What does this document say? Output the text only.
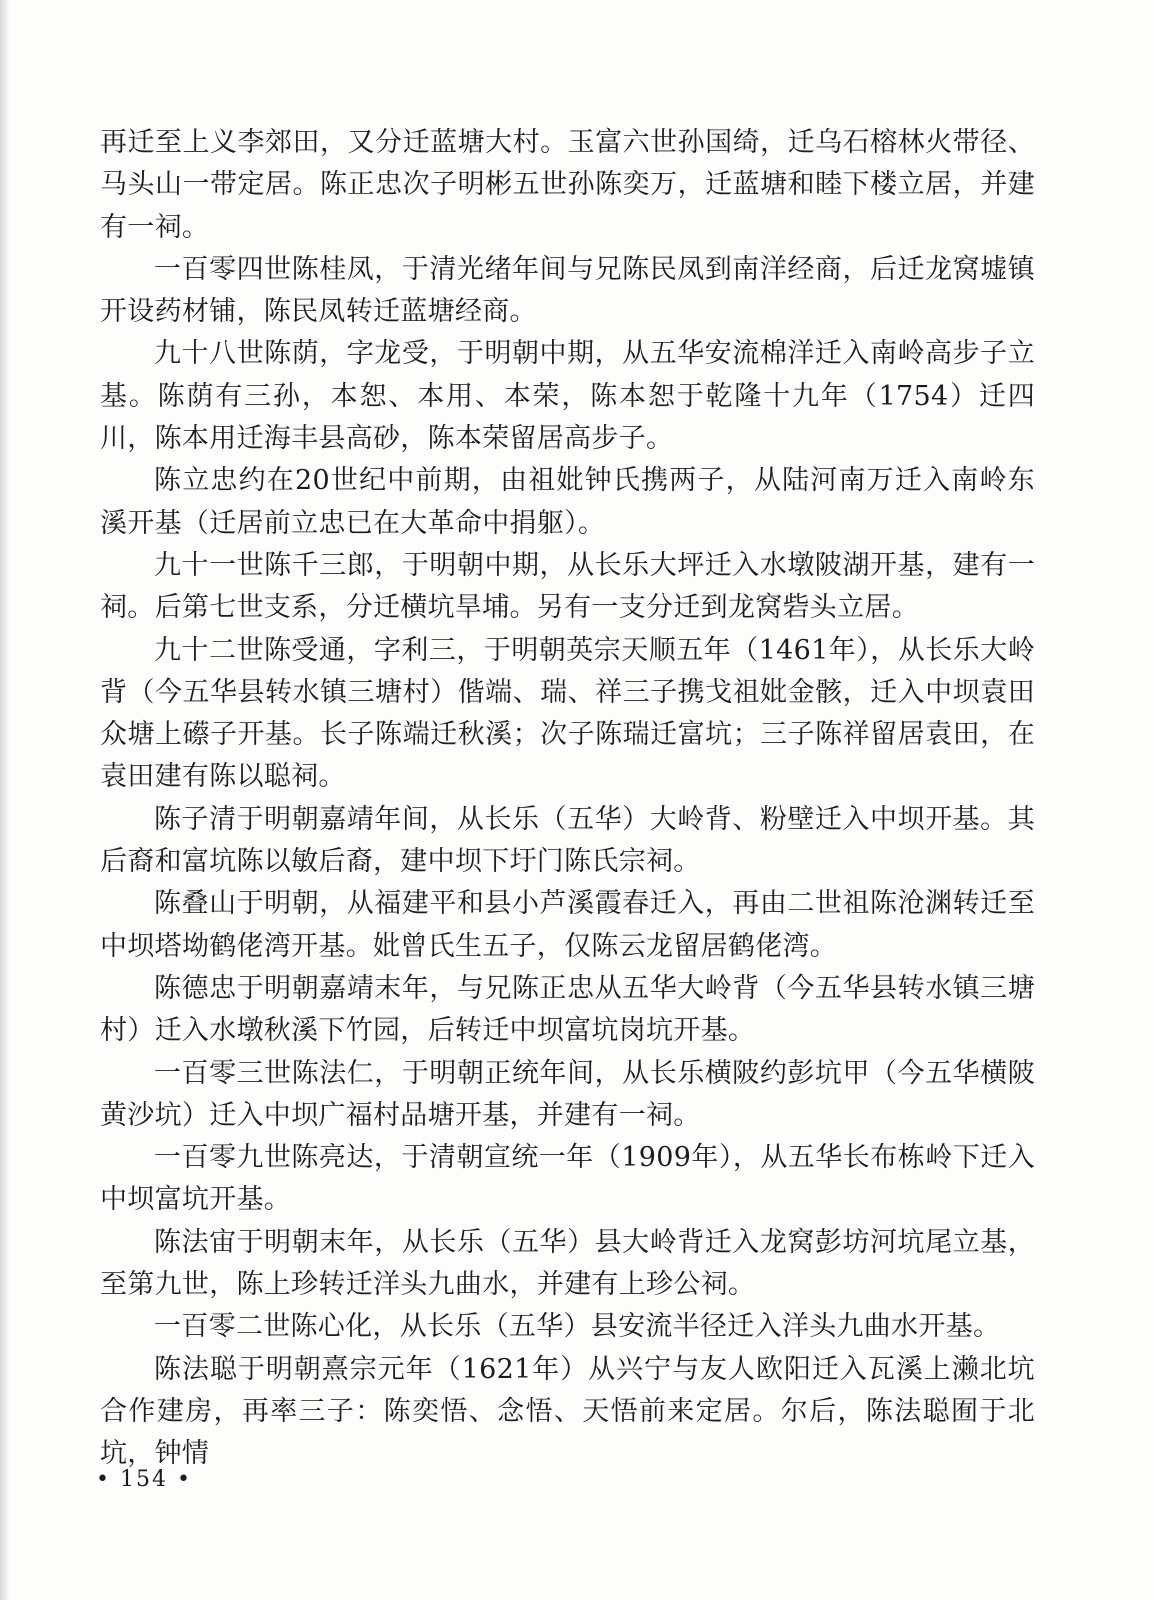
再迁至上义李郊田，又分迁蓝塘大村。玉富六世孙国绮，迁乌石榕林火带径、马头山一带定居。陈正忠次子明彬五世孙陈奕万，迁蓝塘和睦下楼立居，并建有一祠。

一百零四世陈桂凤，于清光绪年间与兄陈民凤到南洋经商，后迁龙窝墟镇开设药材铺，陈民凤转迁蓝塘经商。

九十八世陈荫，字龙受，于明朝中期，从五华安流棉洋迁入南岭高步子立基。陈荫有三孙，本恕、本用、本荣，陈本恕于乾隆十九年（1754）迁四川，陈本用迁海丰县高砂，陈本荣留居高步子。

陈立忠约在20世纪中前期，由祖妣钟氏携两子，从陆河南万迁入南岭东溪开基（迁居前立忠已在大革命中捐躯）。

九十一世陈千三郎，于明朝中期，从长乐大坪迁入水墩陂湖开基，建有一祠。后第七世支系，分迁横坑旱埔。另有一支分迁到龙窝砦头立居。

九十二世陈受通，字利三，于明朝英宗天顺五年（1461年），从长乐大岭背（今五华县转水镇三塘村）偕端、瑞、祥三子携戈祖妣金骸，迁入中坝袁田众塘上礤子开基。长子陈端迁秋溪；次子陈瑞迁富坑；三子陈祥留居袁田，在袁田建有陈以聪祠。

陈子清于明朝嘉靖年间，从长乐（五华）大岭背、粉壁迁入中坝开基。其后裔和富坑陈以敏后裔，建中坝下圩门陈氏宗祠。

陈叠山于明朝，从福建平和县小芦溪霞春迁入，再由二世祖陈沧渊转迁至中坝塔坳鹤佬湾开基。妣曾氏生五子，仅陈云龙留居鹤佬湾。

陈德忠于明朝嘉靖末年，与兄陈正忠从五华大岭背（今五华县转水镇三塘村）迁入水墩秋溪下竹园，后转迁中坝富坑岗坑开基。

一百零三世陈法仁，于明朝正统年间，从长乐横陂约彭坑甲（今五华横陂黄沙坑）迁入中坝广福村品塘开基，并建有一祠。

一百零九世陈亮达，于清朝宣统一年（1909年），从五华长布栋岭下迁入中坝富坑开基。

陈法宙于明朝末年，从长乐（五华）县大岭背迁入龙窝彭坊河坑尾立基，至第九世，陈上珍转迁洋头九曲水，并建有上珍公祠。

一百零二世陈心化，从长乐（五华）县安流半径迁入洋头九曲水开基。

陈法聪于明朝熹宗元年（1621年）从兴宁与友人欧阳迁入瓦溪上濑北坑合作建房，再率三子：陈奕悟、念悟、天悟前来定居。尔后，陈法聪囿于北坑，钟情

• 154 •
